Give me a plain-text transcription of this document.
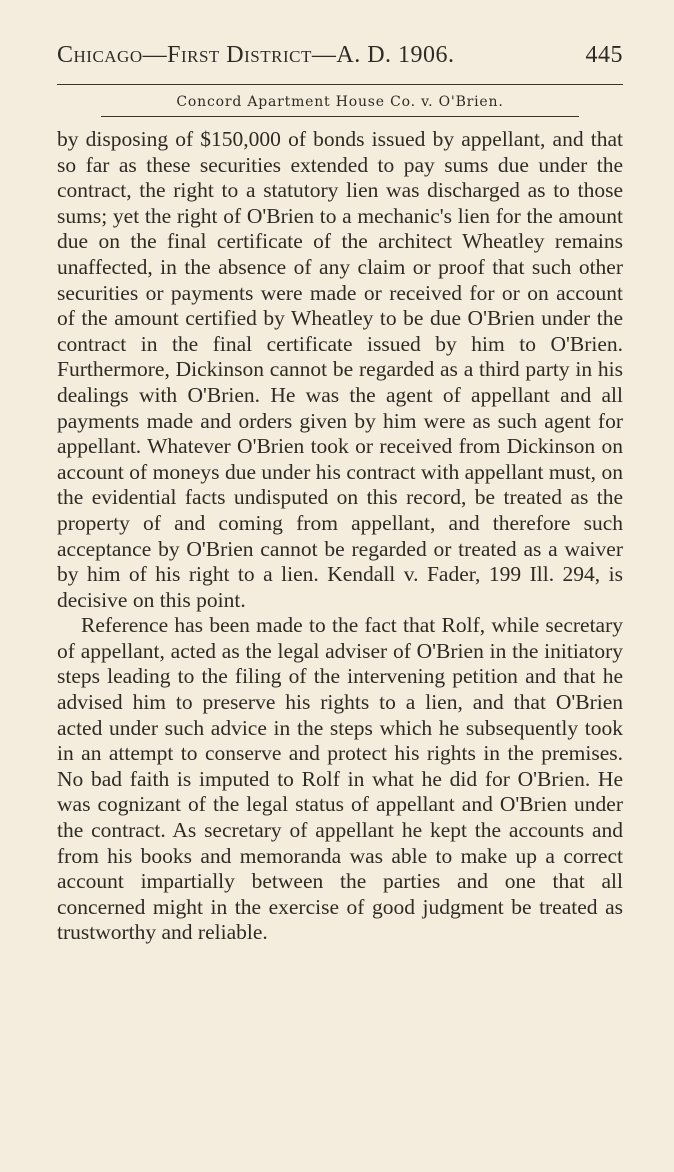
Chicago—First District—A. D. 1906.	445
Concord Apartment House Co. v. O'Brien.

by disposing of $150,000 of bonds issued by appellant, and that so far as these securities extended to pay sums due under the contract, the right to a statutory lien was discharged as to those sums; yet the right of O'Brien to a mechanic's lien for the amount due on the final certificate of the architect Wheatley remains unaffected, in the absence of any claim or proof that such other securities or payments were made or received for or on account of the amount certified by Wheatley to be due O'Brien under the contract in the final certificate issued by him to O'Brien. Furthermore, Dickinson cannot be regarded as a third party in his dealings with O'Brien. He was the agent of appellant and all payments made and orders given by him were as such agent for appellant. Whatever O'Brien took or received from Dickinson on account of moneys due under his contract with appellant must, on the evidential facts undisputed on this record, be treated as the property of and coming from appellant, and therefore such acceptance by O'Brien cannot be regarded or treated as a waiver by him of his right to a lien. Kendall v. Fader, 199 Ill. 294, is decisive on this point.

Reference has been made to the fact that Rolf, while secretary of appellant, acted as the legal adviser of O'Brien in the initiatory steps leading to the filing of the intervening petition and that he advised him to preserve his rights to a lien, and that O'Brien acted under such advice in the steps which he subsequently took in an attempt to conserve and protect his rights in the premises. No bad faith is imputed to Rolf in what he did for O'Brien. He was cognizant of the legal status of appellant and O'Brien under the contract. As secretary of appellant he kept the accounts and from his books and memoranda was able to make up a correct account impartially between the parties and one that all concerned might in the exercise of good judgment be treated as trustworthy and reliable.
